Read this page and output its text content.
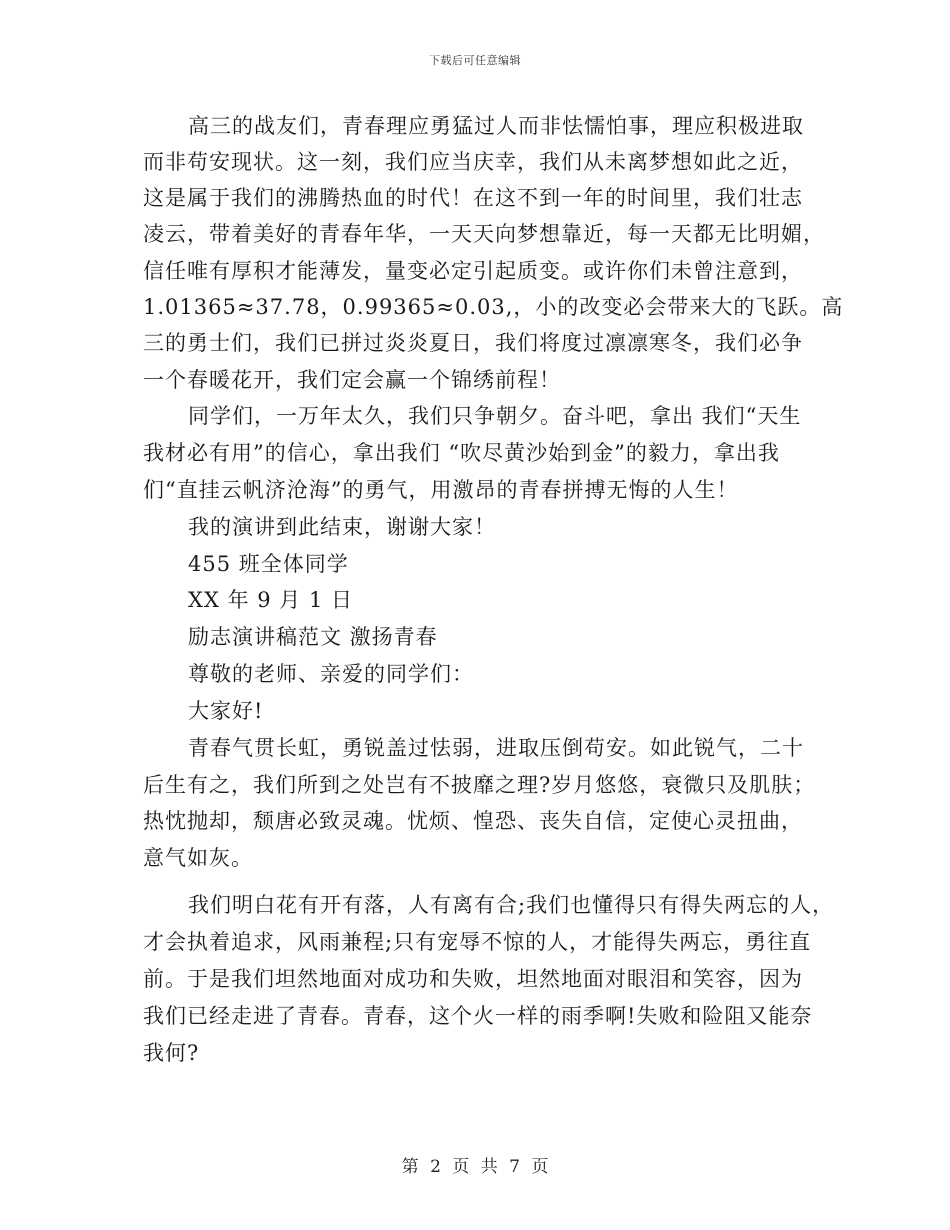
下载后可任意编辑
高三的战友们，青春理应勇猛过人而非怯懦怕事，理应积极进取
而非苟安现状。这一刻，我们应当庆幸，我们从未离梦想如此之近，
这是属于我们的沸腾热血的时代！在这不到一年的时间里，我们壮志
凌云，带着美好的青春年华，一天天向梦想靠近，每一天都无比明媚，
信任唯有厚积才能薄发，量变必定引起质变。或许你们未曾注意到，
1.01365≈37.78，0.99365≈0.03,，小的改变必会带来大的飞跃。高
三的勇士们，我们已拼过炎炎夏日，我们将度过凛凛寒冬，我们必争
一个春暖花开，我们定会赢一个锦绣前程！
同学们，一万年太久，我们只争朝夕。奋斗吧，拿出 我们“天生
我材必有用”的信心，拿出我们 “吹尽黄沙始到金”的毅力，拿出我
们“直挂云帆济沧海”的勇气，用激昂的青春拼搏无悔的人生！
我的演讲到此结束，谢谢大家！
455 班全体同学
XX 年 9 月 1 日
励志演讲稿范文 激扬青春
尊敬的老师、亲爱的同学们：
大家好!
青春气贯长虹，勇锐盖过怯弱，进取压倒苟安。如此锐气，二十
后生有之，我们所到之处岂有不披靡之理?岁月悠悠，衰微只及肌肤；
热忱抛却，颓唐必致灵魂。忧烦、惶恐、丧失自信，定使心灵扭曲，
意气如灰。
我们明白花有开有落，人有离有合;我们也懂得只有得失两忘的人，
才会执着追求，风雨兼程;只有宠辱不惊的人，才能得失两忘，勇往直
前。于是我们坦然地面对成功和失败，坦然地面对眼泪和笑容，因为
我们已经走进了青春。青春，这个火一样的雨季啊!失败和险阻又能奈
我何?
第 2 页 共 7 页
